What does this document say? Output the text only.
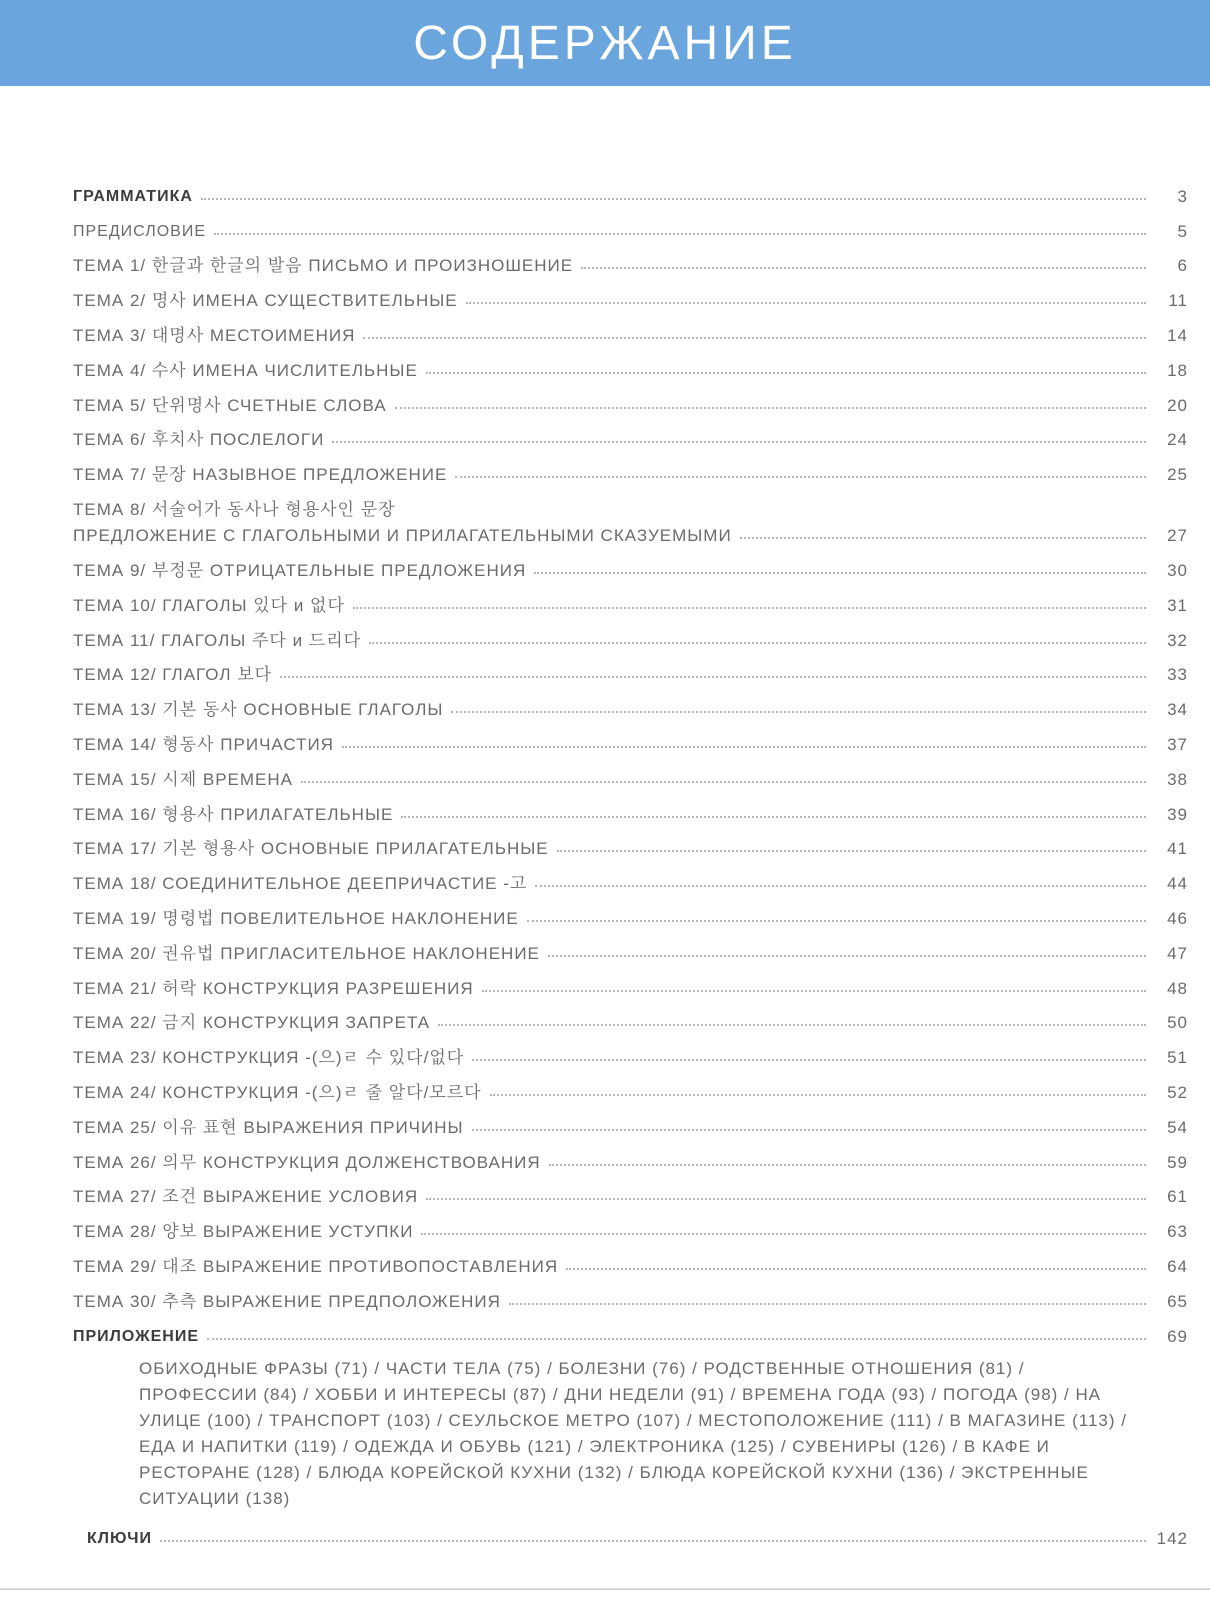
СОДЕРЖАНИЕ
ГРАММАТИКА	3
ПРЕДИСЛОВИЕ	5
ТЕМА 1/ 한글과 한글의 발음 ПИСЬМО И ПРОИЗНОШЕНИЕ	6
ТЕМА 2/ 명사 ИМЕНА СУЩЕСТВИТЕЛЬНЫЕ	11
ТЕМА 3/ 대명사 МЕСТОИМЕНИЯ	14
ТЕМА 4/ 수사 ИМЕНА ЧИСЛИТЕЛЬНЫЕ	18
ТЕМА 5/ 단위명사 СЧЕТНЫЕ СЛОВА	20
ТЕМА 6/ 후치사 ПОСЛЕЛОГИ	24
ТЕМА 7/ 문장 НАЗЫВНОЕ ПРЕДЛОЖЕНИЕ	25
ТЕМА 8/ 서술어가 동사나 형용사인 문장
ПРЕДЛОЖЕНИЕ С ГЛАГОЛЬНЫМИ И ПРИЛАГАТЕЛЬНЫМИ СКАЗУЕМЫМИ	27
ТЕМА 9/ 부정문 ОТРИЦАТЕЛЬНЫЕ ПРЕДЛОЖЕНИЯ	30
ТЕМА 10/ ГЛАГОЛЫ 있다 и 없다	31
ТЕМА 11/ ГЛАГОЛЫ 주다 и 드리다	32
ТЕМА 12/ ГЛАГОЛ 보다	33
ТЕМА 13/ 기본 동사 ОСНОВНЫЕ ГЛАГОЛЫ	34
ТЕМА 14/ 형동사 ПРИЧАСТИЯ	37
ТЕМА 15/ 시제 ВРЕМЕНА	38
ТЕМА 16/ 형용사 ПРИЛАГАТЕЛЬНЫЕ	39
ТЕМА 17/ 기본 형용사 ОСНОВНЫЕ ПРИЛАГАТЕЛЬНЫЕ	41
ТЕМА 18/ СОЕДИНИТЕЛЬНОЕ ДЕЕПРИЧАСТИЕ -고	44
ТЕМА 19/ 명령법 ПОВЕЛИТЕЛЬНОЕ НАКЛОНЕНИЕ	46
ТЕМА 20/ 권유법 ПРИГЛАСИТЕЛЬНОЕ НАКЛОНЕНИЕ	47
ТЕМА 21/ 허락 КОНСТРУКЦИЯ РАЗРЕШЕНИЯ	48
ТЕМА 22/ 금지 КОНСТРУКЦИЯ ЗАПРЕТА	50
ТЕМА 23/ КОНСТРУКЦИЯ -(으)ㄹ 수 있다/없다	51
ТЕМА 24/ КОНСТРУКЦИЯ -(으)ㄹ 줄 알다/모르다	52
ТЕМА 25/ 이유 표현 ВЫРАЖЕНИЯ ПРИЧИНЫ	54
ТЕМА 26/ 의무 КОНСТРУКЦИЯ ДОЛЖЕНСТВОВАНИЯ	59
ТЕМА 27/ 조건 ВЫРАЖЕНИЕ УСЛОВИЯ	61
ТЕМА 28/ 양보 ВЫРАЖЕНИЕ УСТУПКИ	63
ТЕМА 29/ 대조 ВЫРАЖЕНИЕ ПРОТИВОПОСТАВЛЕНИЯ	64
ТЕМА 30/ 추측 ВЫРАЖЕНИЕ ПРЕДПОЛОЖЕНИЯ	65
ПРИЛОЖЕНИЕ	69
ОБИХОДНЫЕ ФРАЗЫ (71) / ЧАСТИ ТЕЛА (75) / БОЛЕЗНИ (76) / РОДСТВЕННЫЕ ОТНОШЕНИЯ (81) / ПРОФЕССИИ (84) / ХОББИ И ИНТЕРЕСЫ (87) / ДНИ НЕДЕЛИ (91) / ВРЕМЕНА ГОДА (93) / ПОГОДА (98) / НА УЛИЦЕ (100) / ТРАНСПОРТ (103) / СЕУЛЬСКОЕ МЕТРО (107) / МЕСТОПОЛОЖЕНИЕ (111) / В МАГАЗИНЕ (113) / ЕДА И НАПИТКИ (119) / ОДЕЖДА И ОБУВЬ (121) / ЭЛЕКТРОНИКА (125) / СУВЕНИРЫ (126) / В КАФЕ И РЕСТОРАНЕ (128) / БЛЮДА КОРЕЙСКОЙ КУХНИ (132) / БЛЮДА КОРЕЙСКОЙ КУХНИ (136) / ЭКСТРЕННЫЕ СИТУАЦИИ (138)
КЛЮЧИ	142
